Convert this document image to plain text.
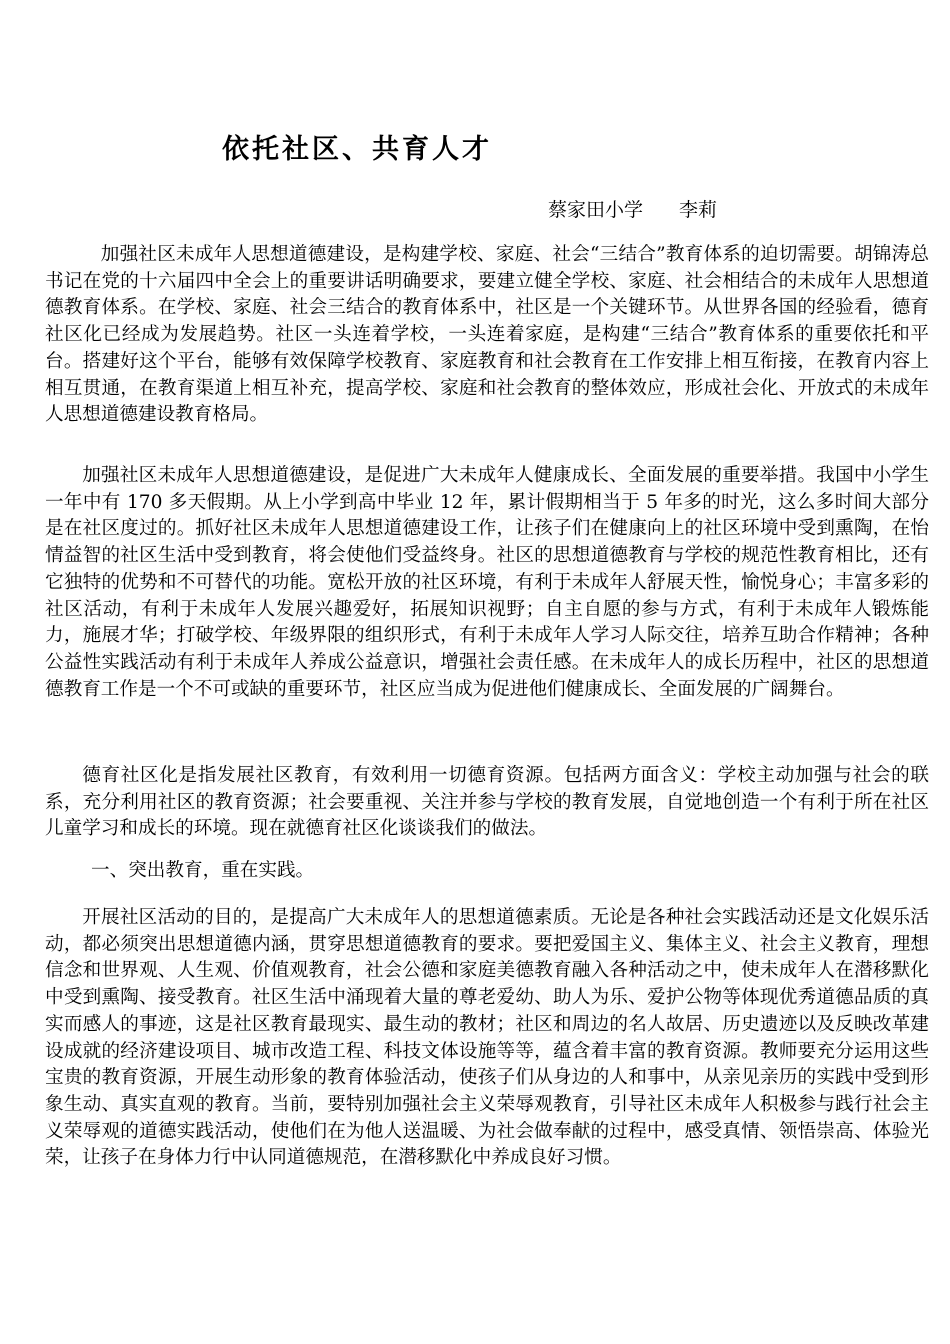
依托社区、共育人才
蔡家田小学 李莉

加强社区未成年人思想道德建设，是构建学校、家庭、社会“三结合”教育体系的迫切需要。胡锦涛总书记在党的十六届四中全会上的重要讲话明确要求，要建立健全学校、家庭、社会相结合的未成年人思想道德教育体系。在学校、家庭、社会三结合的教育体系中，社区是一个关键环节。从世界各国的经验看，德育社区化已经成为发展趋势。社区一头连着学校，一头连着家庭，是构建“三结合”教育体系的重要依托和平台。搭建好这个平台，能够有效保障学校教育、家庭教育和社会教育在工作安排上相互衔接，在教育内容上相互贯通，在教育渠道上相互补充，提高学校、家庭和社会教育的整体效应，形成社会化、开放式的未成年人思想道德建设教育格局。

加强社区未成年人思想道德建设，是促进广大未成年人健康成长、全面发展的重要举措。我国中小学生一年中有 170 多天假期。从上小学到高中毕业 12 年，累计假期相当于 5 年多的时光，这么多时间大部分是在社区度过的。抓好社区未成年人思想道德建设工作，让孩子们在健康向上的社区环境中受到熏陶，在怡情益智的社区生活中受到教育，将会使他们受益终身。社区的思想道德教育与学校的规范性教育相比，还有它独特的优势和不可替代的功能。宽松开放的社区环境，有利于未成年人舒展天性，愉悦身心；丰富多彩的社区活动，有利于未成年人发展兴趣爱好，拓展知识视野；自主自愿的参与方式，有利于未成年人锻炼能力，施展才华；打破学校、年级界限的组织形式，有利于未成年人学习人际交往，培养互助合作精神；各种公益性实践活动有利于未成年人养成公益意识，增强社会责任感。在未成年人的成长历程中，社区的思想道德教育工作是一个不可或缺的重要环节，社区应当成为促进他们健康成长、全面发展的广阔舞台。

德育社区化是指发展社区教育，有效利用一切德育资源。包括两方面含义：学校主动加强与社会的联系，充分利用社区的教育资源；社会要重视、关注并参与学校的教育发展，自觉地创造一个有利于所在社区儿童学习和成长的环境。现在就德育社区化谈谈我们的做法。

一、突出教育，重在实践。

开展社区活动的目的，是提高广大未成年人的思想道德素质。无论是各种社会实践活动还是文化娱乐活动，都必须突出思想道德内涵，贯穿思想道德教育的要求。要把爱国主义、集体主义、社会主义教育，理想信念和世界观、人生观、价值观教育，社会公德和家庭美德教育融入各种活动之中，使未成年人在潜移默化中受到熏陶、接受教育。社区生活中涌现着大量的尊老爱幼、助人为乐、爱护公物等体现优秀道德品质的真实而感人的事迹，这是社区教育最现实、最生动的教材；社区和周边的名人故居、历史遗迹以及反映改革建设成就的经济建设项目、城市改造工程、科技文体设施等等，蕴含着丰富的教育资源。教师要充分运用这些宝贵的教育资源，开展生动形象的教育体验活动，使孩子们从身边的人和事中，从亲见亲历的实践中受到形象生动、真实直观的教育。当前，要特别加强社会主义荣辱观教育，引导社区未成年人积极参与践行社会主义荣辱观的道德实践活动，使他们在为他人送温暖、为社会做奉献的过程中，感受真情、领悟崇高、体验光荣，让孩子在身体力行中认同道德规范，在潜移默化中养成良好习惯。
